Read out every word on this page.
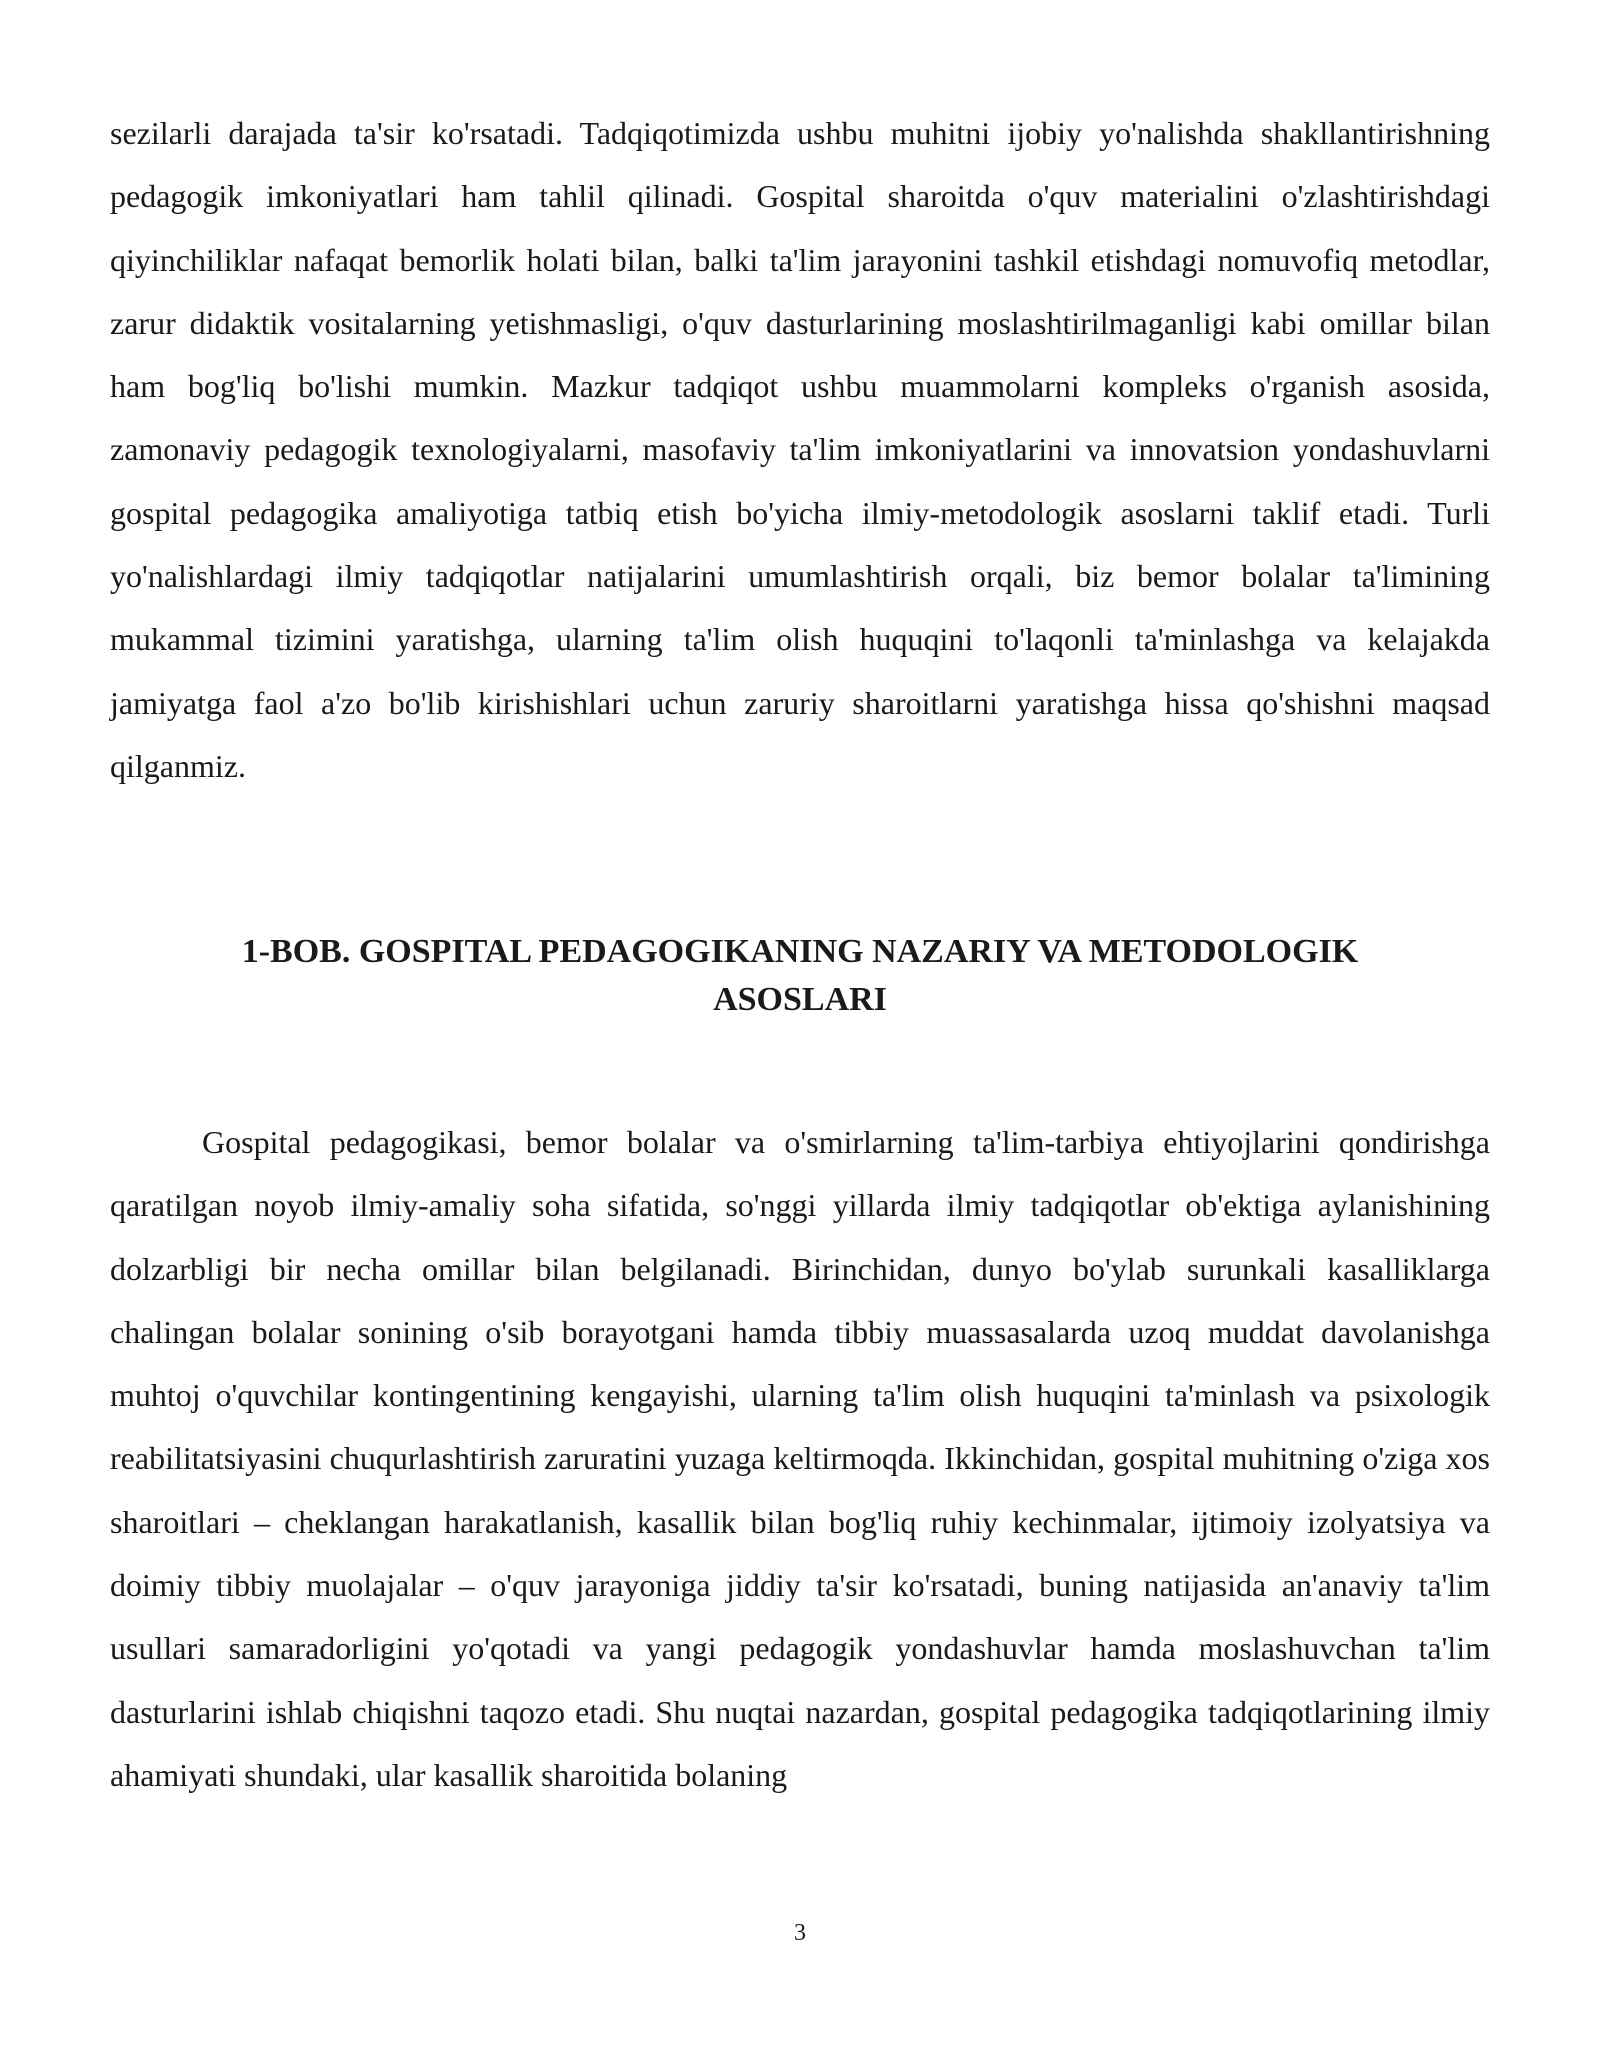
sezilarli darajada ta'sir ko'rsatadi. Tadqiqotimizda ushbu muhitni ijobiy yo'nalishda shakllantirishning pedagogik imkoniyatlari ham tahlil qilinadi. Gospital sharoitda o'quv materialini o'zlashtirishdagi qiyinchiliklar nafaqat bemorlik holati bilan, balki ta'lim jarayonini tashkil etishdagi nomuvofiq metodlar, zarur didaktik vositalarning yetishmasligi, o'quv dasturlarining moslashtirilmaganligi kabi omillar bilan ham bog'liq bo'lishi mumkin. Mazkur tadqiqot ushbu muammolarni kompleks o'rganish asosida, zamonaviy pedagogik texnologiyalarni, masofaviy ta'lim imkoniyatlarini va innovatsion yondashuvlarni gospital pedagogika amaliyotiga tatbiq etish bo'yicha ilmiy-metodologik asoslarni taklif etadi. Turli yo'nalishlardagi ilmiy tadqiqotlar natijalarini umumlashtirish orqali, biz bemor bolalar ta'limining mukammal tizimini yaratishga, ularning ta'lim olish huquqini to'laqonli ta'minlashga va kelajakda jamiyatga faol a'zo bo'lib kirishishlari uchun zaruriy sharoitlarni yaratishga hissa qo'shishni maqsad qilganmiz.

1-BOB. GOSPITAL PEDAGOGIKANING NAZARIY VA METODOLOGIK
ASOSLARI

Gospital pedagogikasi, bemor bolalar va o'smirlarning ta'lim-tarbiya ehtiyojlarini qondirishga qaratilgan noyob ilmiy-amaliy soha sifatida, so'nggi yillarda ilmiy tadqiqotlar ob'ektiga aylanishining dolzarbligi bir necha omillar bilan belgilanadi. Birinchidan, dunyo bo'ylab surunkali kasalliklarga chalingan bolalar sonining o'sib borayotgani hamda tibbiy muassasalarda uzoq muddat davolanishga muhtoj o'quvchilar kontingentining kengayishi, ularning ta'lim olish huquqini ta'minlash va psixologik reabilitatsiyasini chuqurlashtirish zaruratini yuzaga keltirmoqda. Ikkinchidan, gospital muhitning o'ziga xos sharoitlari – cheklangan harakatlanish, kasallik bilan bog'liq ruhiy kechinmalar, ijtimoiy izolyatsiya va doimiy tibbiy muolajalar – o'quv jarayoniga jiddiy ta'sir ko'rsatadi, buning natijasida an'anaviy ta'lim usullari samaradorligini yo'qotadi va yangi pedagogik yondashuvlar hamda moslashuvchan ta'lim dasturlarini ishlab chiqishni taqozo etadi. Shu nuqtai nazardan, gospital pedagogika tadqiqotlarining ilmiy ahamiyati shundaki, ular kasallik sharoitida bolaning

3
